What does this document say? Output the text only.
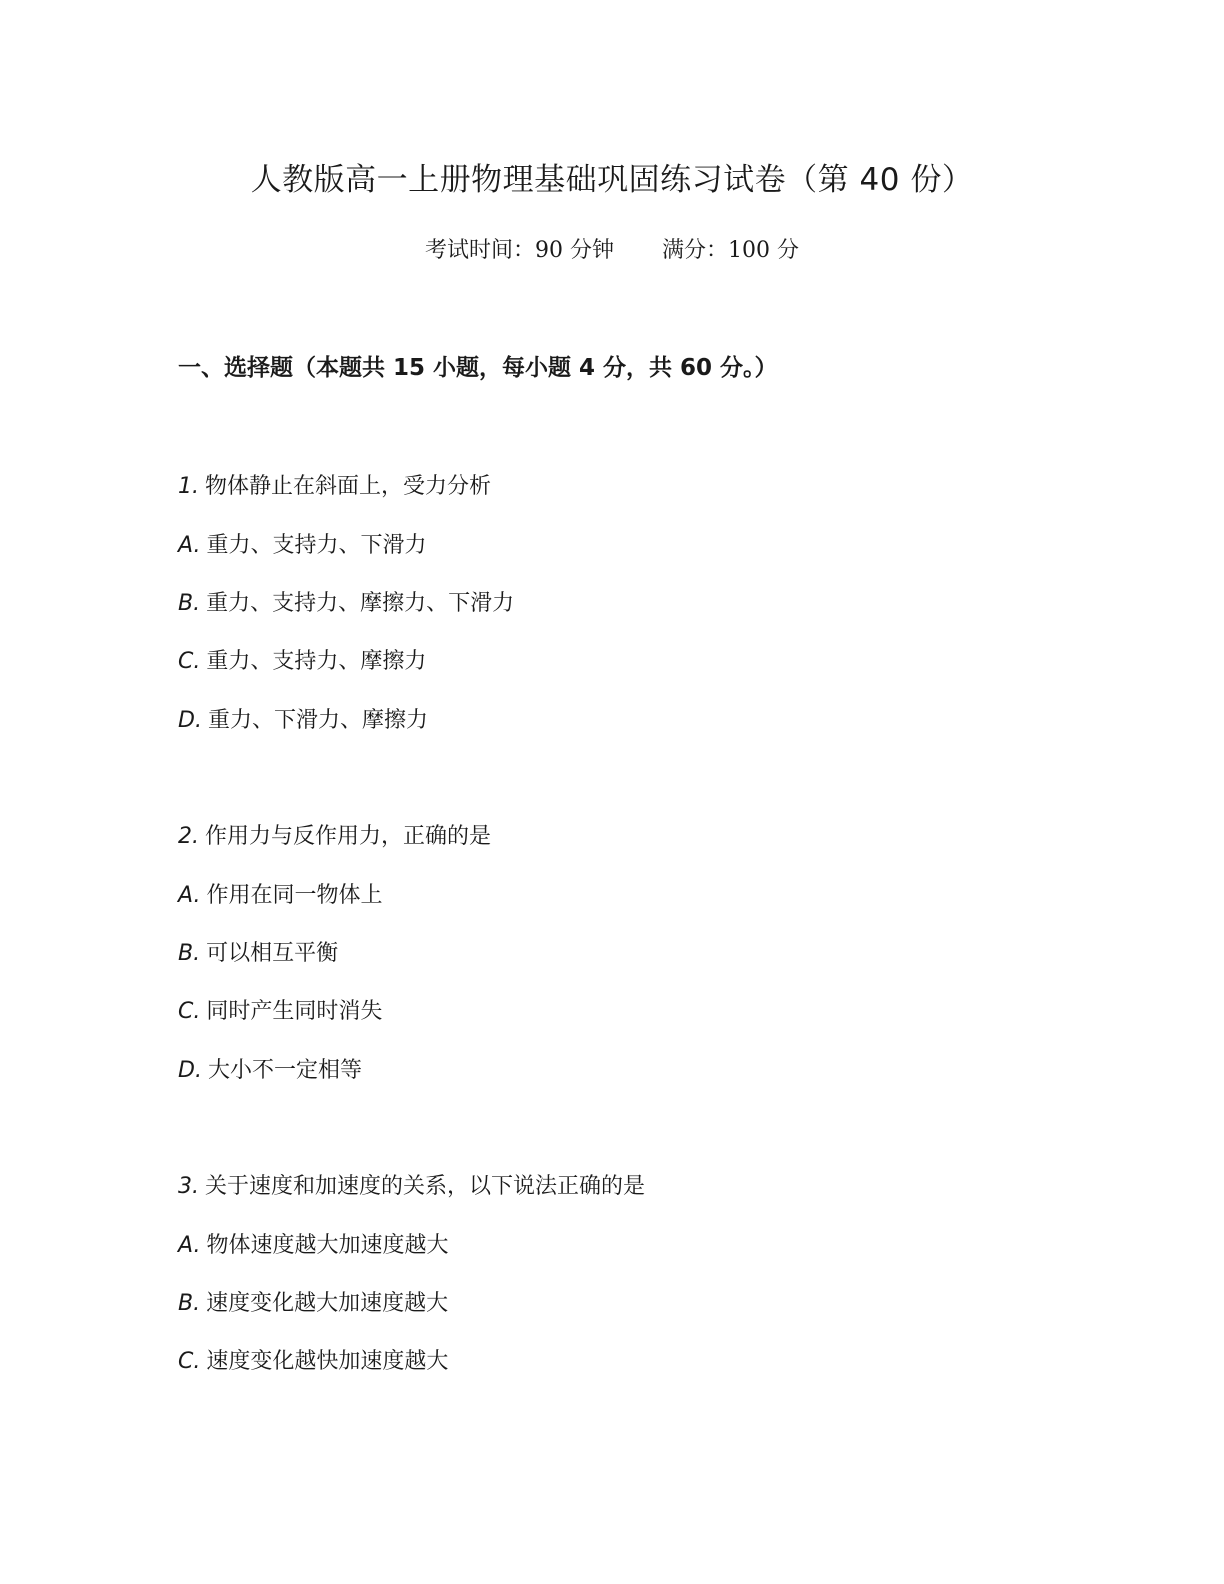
人教版高一上册物理基础巩固练习试卷（第 40 份）
考试时间：90 分钟 满分：100 分
一、选择题（本题共 15 小题，每小题 4 分，共 60 分。）
1. 物体静止在斜面上，受力分析
A. 重力、支持力、下滑力
B. 重力、支持力、摩擦力、下滑力
C. 重力、支持力、摩擦力
D. 重力、下滑力、摩擦力
2. 作用力与反作用力，正确的是
A. 作用在同一物体上
B. 可以相互平衡
C. 同时产生同时消失
D. 大小不一定相等
3. 关于速度和加速度的关系，以下说法正确的是
A. 物体速度越大加速度越大
B. 速度变化越大加速度越大
C. 速度变化越快加速度越大
